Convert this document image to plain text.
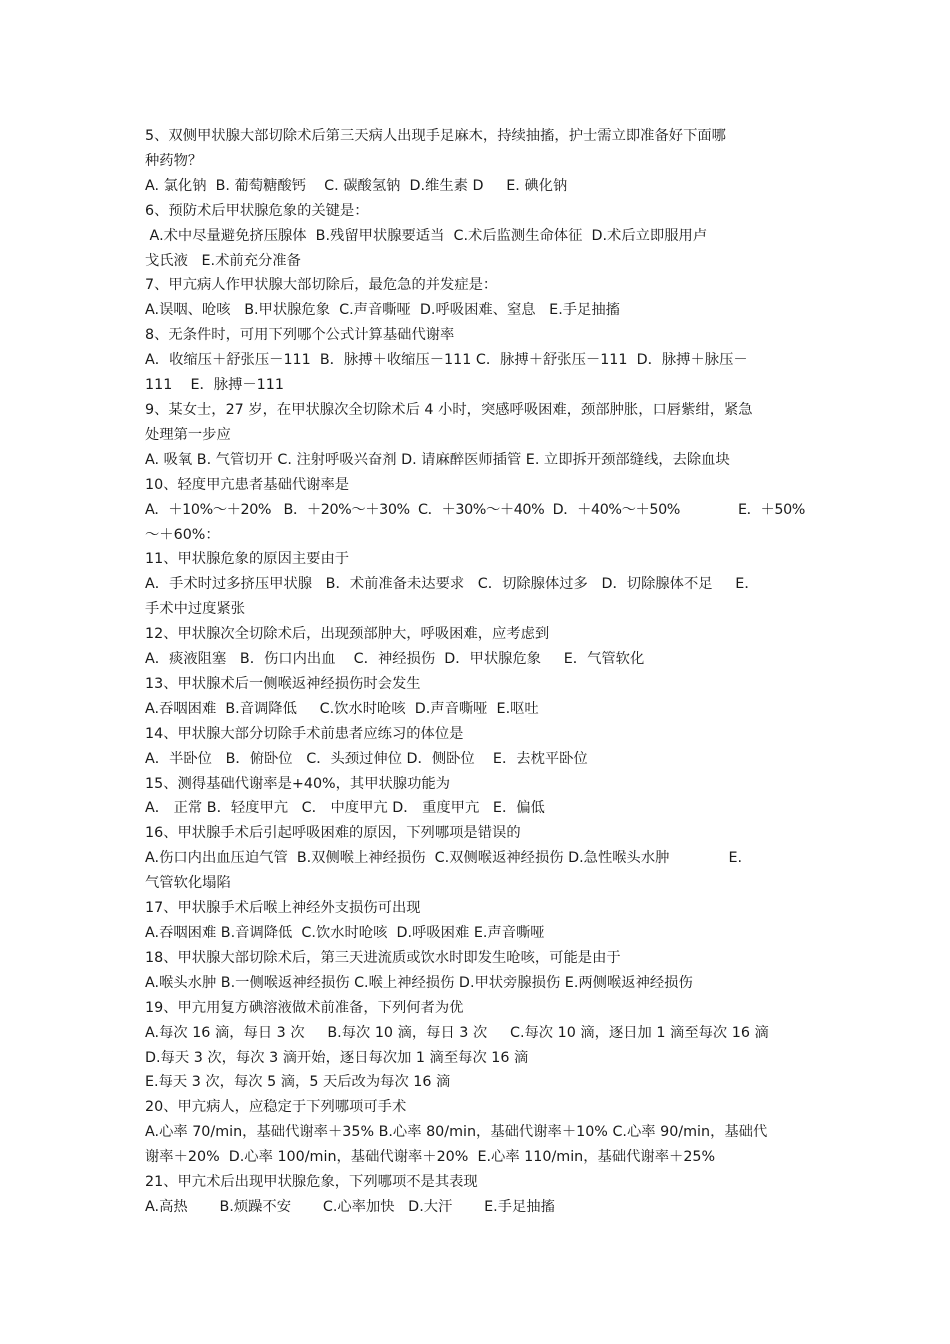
5、双侧甲状腺大部切除术后第三天病人出现手足麻木，持续抽搐，护士需立即准备好下面哪
种药物？
A. 氯化钠  B. 葡萄糖酸钙    C. 碳酸氢钠  D.维生素 D     E. 碘化钠
6、预防术后甲状腺危象的关键是：
A.术中尽量避免挤压腺体  B.残留甲状腺要适当  C.术后监测生命体征  D.术后立即服用卢
戈氏液   E.术前充分准备
7、甲亢病人作甲状腺大部切除后，最危急的并发症是：
A.误咽、呛咳   B.甲状腺危象  C.声音嘶哑  D.呼吸困难、窒息   E.手足抽搐
8、无条件时，可用下列哪个公式计算基础代谢率
A．收缩压＋舒张压－111  B．脉搏＋收缩压－111 C．脉搏＋舒张压－111  D．脉搏＋脉压－
111    E．脉搏－111
9、某女士，27 岁，在甲状腺次全切除术后 4 小时，突感呼吸困难，颈部肿胀，口唇紫绀，紧急
处理第一步应
A. 吸氧 B. 气管切开 C. 注射呼吸兴奋剂 D. 请麻醉医师插管 E. 立即拆开颈部缝线，去除血块
10、轻度甲亢患者基础代谢率是
A．＋10%～＋20%   B．＋20%～＋30%  C．＋30%～＋40%  D．＋40%～＋50%              E．＋50%
～＋60%：
11、甲状腺危象的原因主要由于
A．手术时过多挤压甲状腺   B．术前准备未达要求   C．切除腺体过多   D．切除腺体不足     E．
手术中过度紧张
12、甲状腺次全切除术后，出现颈部肿大，呼吸困难，应考虑到
A．痰液阻塞   B．伤口内出血    C．神经损伤  D．甲状腺危象     E．气管软化
13、甲状腺术后一侧喉返神经损伤时会发生
A.吞咽困难  B.音调降低     C.饮水时呛咳  D.声音嘶哑  E.呕吐
14、甲状腺大部分切除手术前患者应练习的体位是
A．半卧位   B．俯卧位   C．头颈过伸位 D．侧卧位    E．去枕平卧位
15、测得基础代谢率是+40%，其甲状腺功能为
A． 正常 B．轻度甲亢   C． 中度甲亢 D． 重度甲亢   E．偏低
16、甲状腺手术后引起呼吸困难的原因，下列哪项是错误的
A.伤口内出血压迫气管  B.双侧喉上神经损伤  C.双侧喉返神经损伤 D.急性喉头水肿             E.
气管软化塌陷
17、甲状腺手术后喉上神经外支损伤可出现
A.吞咽困难 B.音调降低  C.饮水时呛咳  D.呼吸困难 E.声音嘶哑
18、甲状腺大部切除术后，第三天进流质或饮水时即发生呛咳，可能是由于
A.喉头水肿 B.一侧喉返神经损伤 C.喉上神经损伤 D.甲状旁腺损伤 E.两侧喉返神经损伤
19、甲亢用复方碘溶液做术前准备，下列何者为优
A.每次 16 滴，每日 3 次     B.每次 10 滴，每日 3 次     C.每次 10 滴，逐日加 1 滴至每次 16 滴
D.每天 3 次，每次 3 滴开始，逐日每次加 1 滴至每次 16 滴
E.每天 3 次，每次 5 滴，5 天后改为每次 16 滴
20、甲亢病人，应稳定于下列哪项可手术
A.心率 70/min，基础代谢率＋35% B.心率 80/min，基础代谢率＋10% C.心率 90/min，基础代
谢率＋20%  D.心率 100/min，基础代谢率＋20%  E.心率 110/min，基础代谢率＋25%
21、甲亢术后出现甲状腺危象，下列哪项不是其表现
A.高热       B.烦躁不安       C.心率加快   D.大汗       E.手足抽搐
